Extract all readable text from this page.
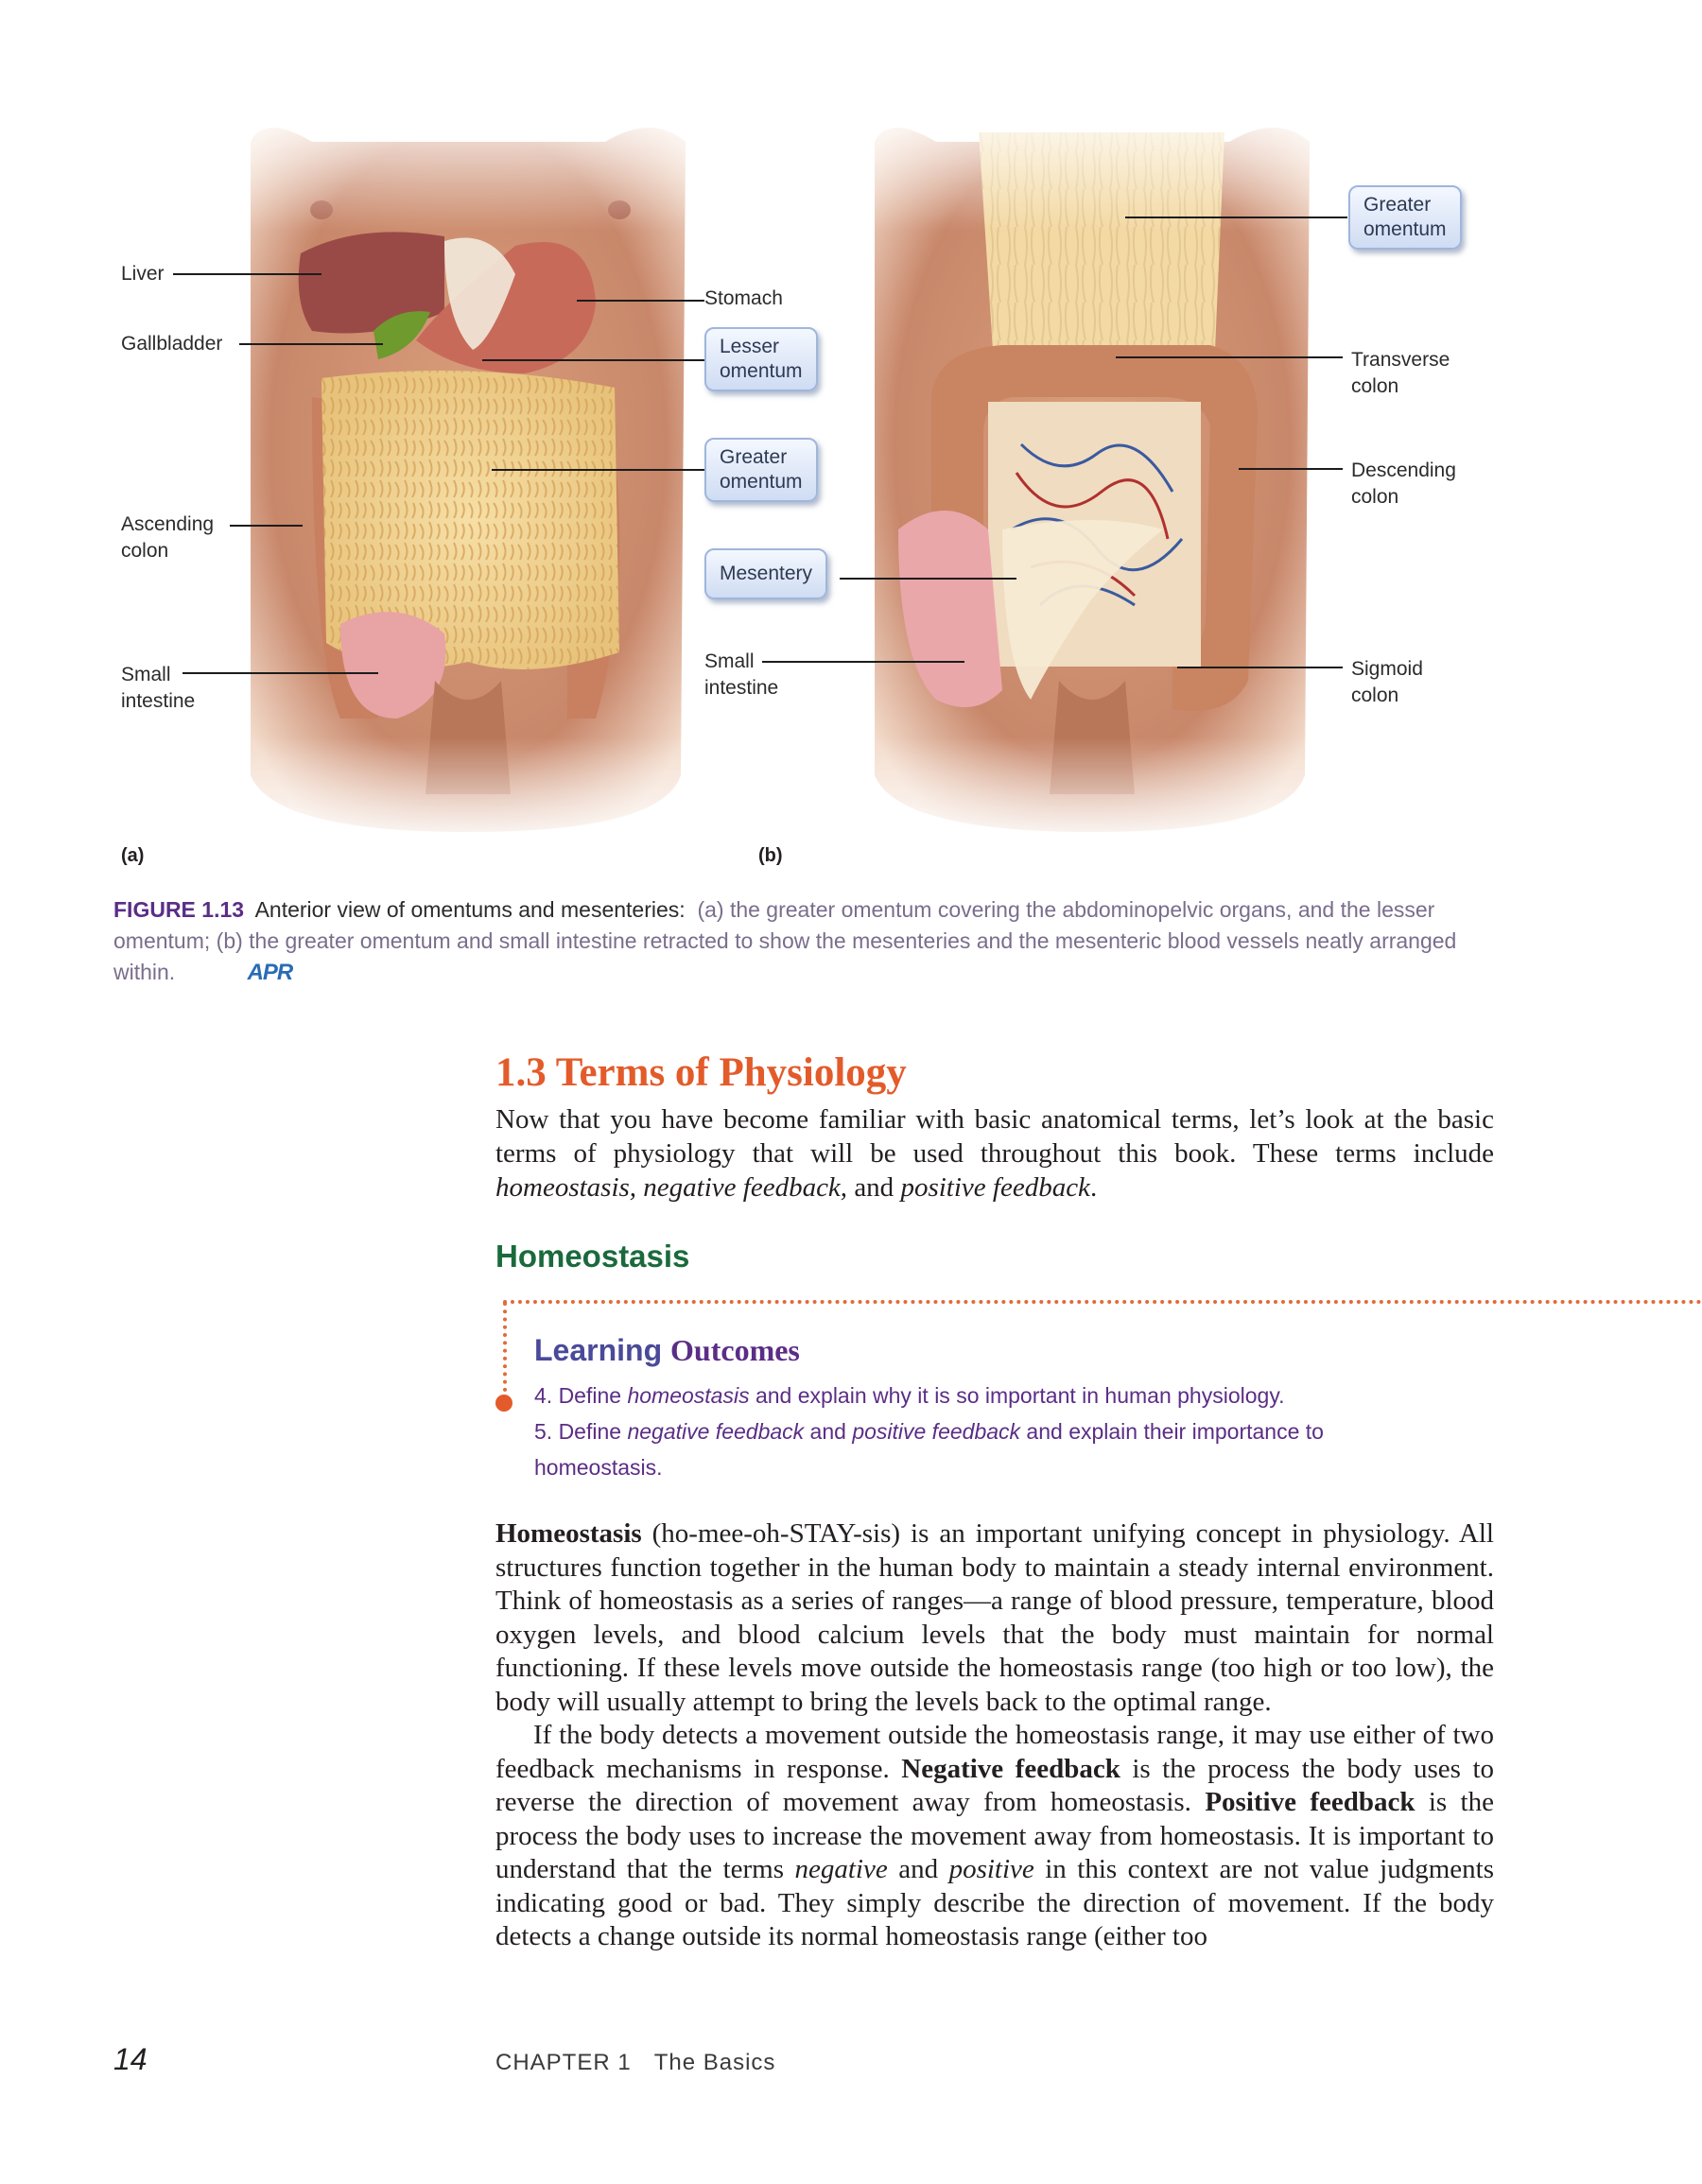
Liver
Gallbladder
Ascending
colon
Small
intestine
Stomach
Lesser
omentum
Greater
omentum
Mesentery
Small
intestine
Greater
omentum
Transverse
colon
Descending
colon
Sigmoid
colon
(a)	(b)
FIGURE 1.13 Anterior view of omentums and mesenteries: (a) the greater omentum covering the abdominopelvic organs, and the lesser omentum; (b) the greater omentum and small intestine retracted to show the mesenteries and the mesenteric blood vessels neatly arranged within.	APR
1.3 Terms of Physiology

Now that you have become familiar with basic anatomical terms, let’s look at the basic terms of physiology that will be used throughout this book. These terms include homeostasis, negative feedback, and positive feedback.

Homeostasis
Learning Outcomes

4. Define homeostasis and explain why it is so important in human physiology.

5. Define negative feedback and positive feedback and explain their importance to homeostasis.

Homeostasis (ho-mee-oh-STAY-sis) is an important unifying concept in physiology. All structures function together in the human body to maintain a steady internal environment. Think of homeostasis as a series of ranges—a range of blood pressure, temperature, blood oxygen levels, and blood calcium levels that the body must maintain for normal functioning. If these levels move outside the homeostasis range (too high or too low), the body will usually attempt to bring the levels back to the optimal range.

If the body detects a movement outside the homeostasis range, it may use either of two feedback mechanisms in response. Negative feedback is the process the body uses to reverse the direction of movement away from homeostasis. Positive feedback is the process the body uses to increase the movement away from homeostasis. It is important to understand that the terms negative and positive in this context are not value judgments indicating good or bad. They simply describe the direction of movement. If the body detects a change outside its normal homeostasis range (either too

14	CHAPTER 1 The Basics
